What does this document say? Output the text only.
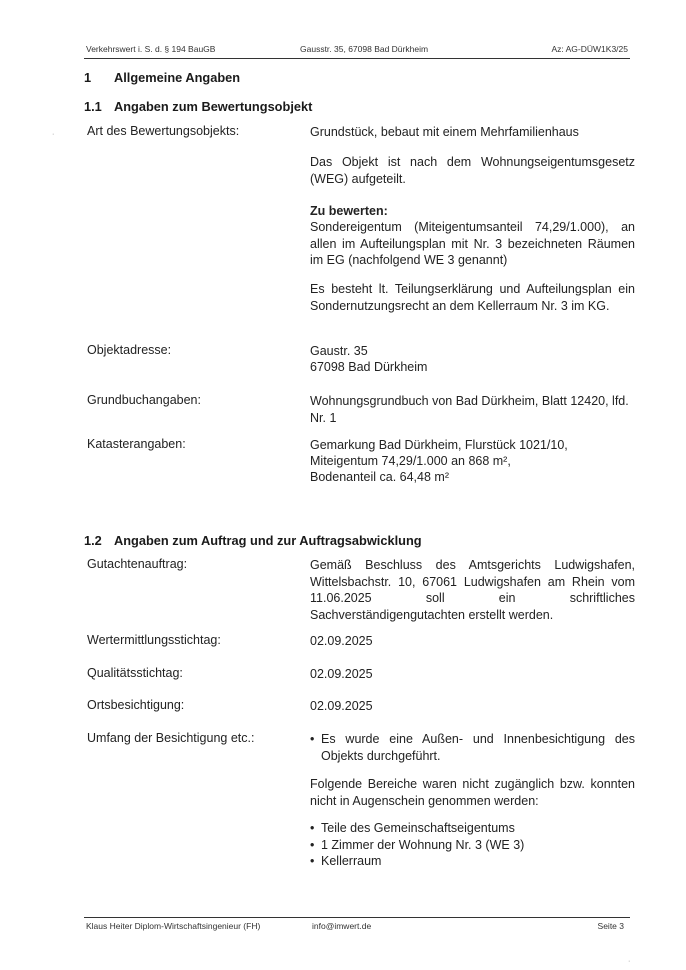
Verkehrswert i. S. d. § 194 BauGB	Gausstr. 35, 67098 Bad Dürkheim	Az: AG-DÜW1K3/25
1 Allgemeine Angaben
1.1 Angaben zum Bewertungsobjekt
Art des Bewertungsobjekts:	Grundstück, bebaut mit einem Mehrfamilienhaus
Das Objekt ist nach dem Wohnungseigentumsgesetz (WEG) aufgeteilt.
Zu bewerten:
Sondereigentum (Miteigentumsanteil 74,29/1.000), an allen im Aufteilungsplan mit Nr. 3 bezeichneten Räumen im EG (nachfolgend WE 3 genannt)
Es besteht lt. Teilungserklärung und Aufteilungsplan ein Sondernutzungsrecht an dem Kellerraum Nr. 3 im KG.
Objektadresse:	Gaustr. 35
67098 Bad Dürkheim
Grundbuchangaben:	Wohnungsgrundbuch von Bad Dürkheim, Blatt 12420, lfd. Nr. 1
Katasterangaben:	Gemarkung Bad Dürkheim, Flurstück 1021/10,
Miteigentum 74,29/1.000 an 868 m²,
Bodenanteil ca. 64,48 m²
1.2 Angaben zum Auftrag und zur Auftragsabwicklung
Gutachtenauftrag:	Gemäß Beschluss des Amtsgerichts Ludwigshafen, Wittelsbachstr. 10, 67061 Ludwigshafen am Rhein vom 11.06.2025 soll ein schriftliches Sachverständigengutachten erstellt werden.
Wertermittlungsstichtag:	02.09.2025
Qualitätsstichtag:	02.09.2025
Ortsbesichtigung:	02.09.2025
Umfang der Besichtigung etc.:
•	Es wurde eine Außen- und Innenbesichtigung des Objekts durchgeführt.
Folgende Bereiche waren nicht zugänglich bzw. konnten nicht in Augenschein genommen werden:
• Teile des Gemeinschaftseigentums
• 1 Zimmer der Wohnung Nr. 3 (WE 3)
• Kellerraum
Klaus Heiter Diplom-Wirtschaftsingenieur (FH)	info@imwert.de	Seite 3
·
·
